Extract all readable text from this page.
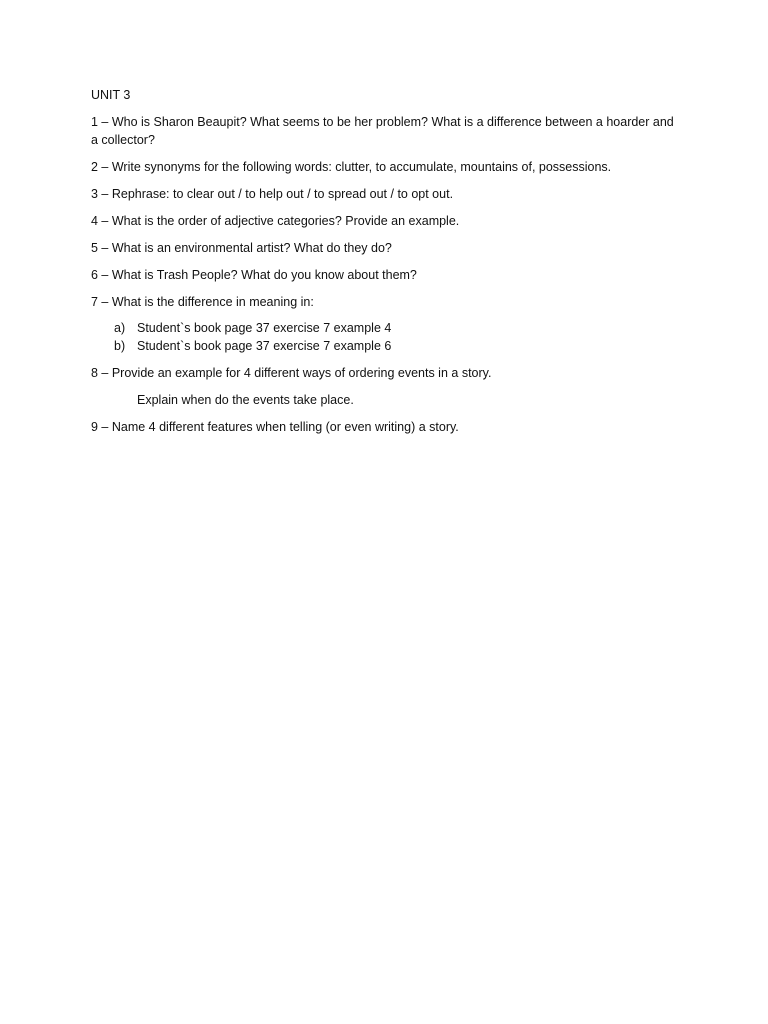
UNIT 3

1 – Who is Sharon Beaupit? What seems to be her problem? What is a difference between a hoarder and a collector?

2 – Write synonyms for the following words: clutter, to accumulate, mountains of, possessions.

3 – Rephrase: to clear out / to help out / to spread out / to opt out.

4 – What is the order of adjective categories? Provide an example.

5 – What is an environmental artist? What do they do?

6 – What is Trash People? What do you know about them?

7 – What is the difference in meaning in:

a) Student`s book page 37 exercise 7 example 4
b) Student`s book page 37 exercise 7 example 6

8 – Provide an example for 4 different ways of ordering events in a story.

Explain when do the events take place.

9 – Name 4 different features when telling (or even writing) a story.
